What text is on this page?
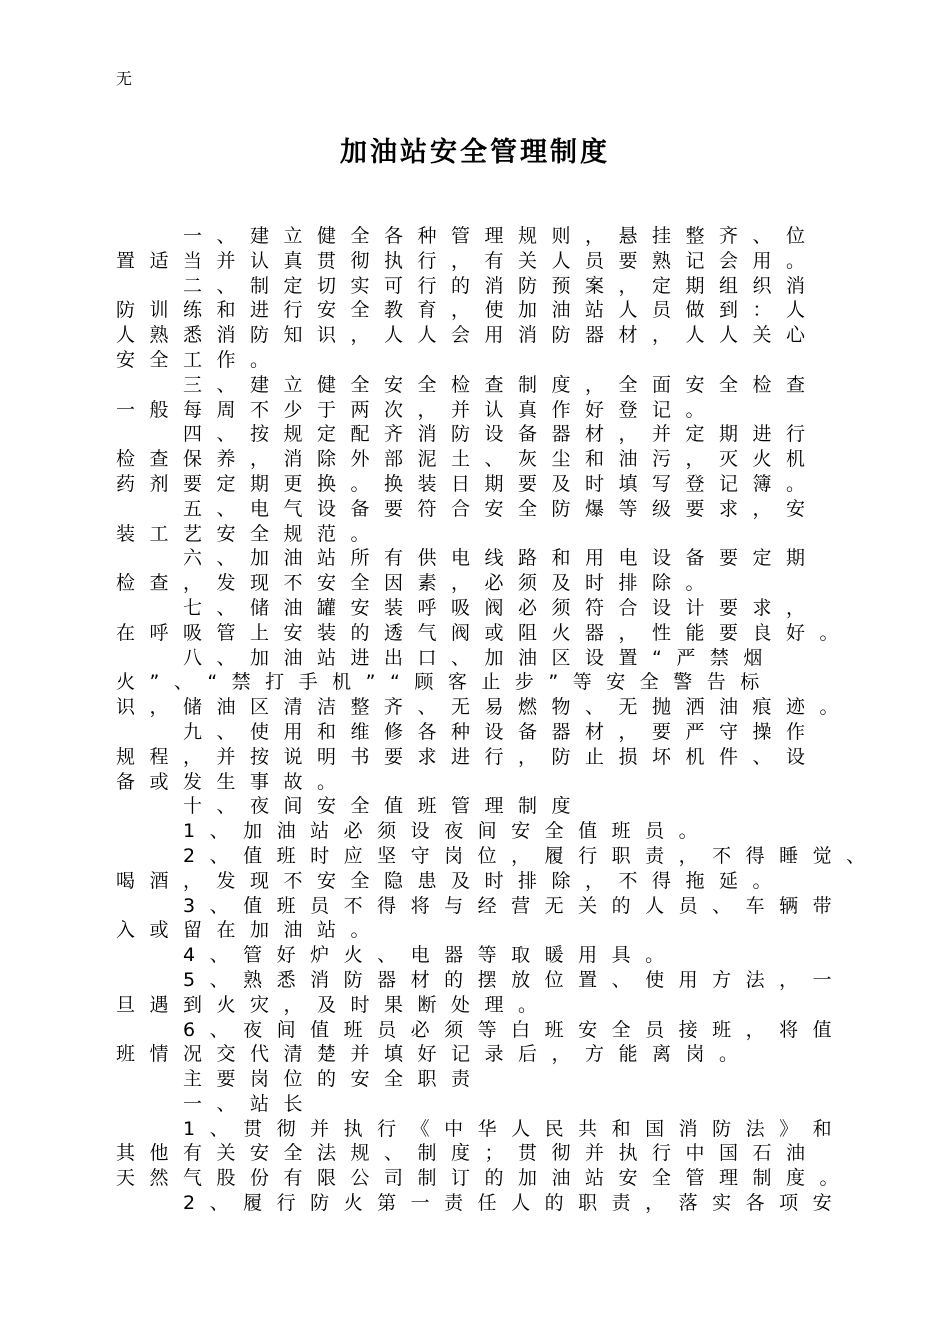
无
加油站安全管理制度
一、建立健全各种管理规则，悬挂整齐、位
置适当并认真贯彻执行，有关人员要熟记会用。
二、制定切实可行的消防预案，定期组织消
防训练和进行安全教育，使加油站人员做到：人
人熟悉消防知识，人人会用消防器材，人人关心
安全工作。
三、建立健全安全检查制度，全面安全检查
一般每周不少于两次，并认真作好登记。
四、按规定配齐消防设备器材，并定期进行
检查保养，消除外部泥土、灰尘和油污，灭火机
药剂要定期更换。换装日期要及时填写登记簿。
五、电气设备要符合安全防爆等级要求，安
装工艺安全规范。
六、加油站所有供电线路和用电设备要定期
检查，发现不安全因素，必须及时排除。
七、储油罐安装呼吸阀必须符合设计要求，
在呼吸管上安装的透气阀或阻火器，性能要良好。
八、加油站进出口、加油区设置“严禁烟
火”、“禁打手机”“顾客止步”等安全警告标
识，储油区清洁整齐、无易燃物、无抛洒油痕迹。
九、使用和维修各种设备器材，要严守操作
规程，并按说明书要求进行，防止损坏机件、设
备或发生事故。
十、夜间安全值班管理制度
1、加油站必须设夜间安全值班员。
2、值班时应坚守岗位，履行职责，不得睡觉、
喝酒，发现不安全隐患及时排除，不得拖延。
3、值班员不得将与经营无关的人员、车辆带
入或留在加油站。
4、管好炉火、电器等取暖用具。
5、熟悉消防器材的摆放位置、使用方法，一
旦遇到火灾，及时果断处理。
6、夜间值班员必须等白班安全员接班，将值
班情况交代清楚并填好记录后，方能离岗。
主要岗位的安全职责
一、站长
1、贯彻并执行《中华人民共和国消防法》和
其他有关安全法规、制度；贯彻并执行中国石油
天然气股份有限公司制订的加油站安全管理制度。
2、履行防火第一责任人的职责，落实各项安
